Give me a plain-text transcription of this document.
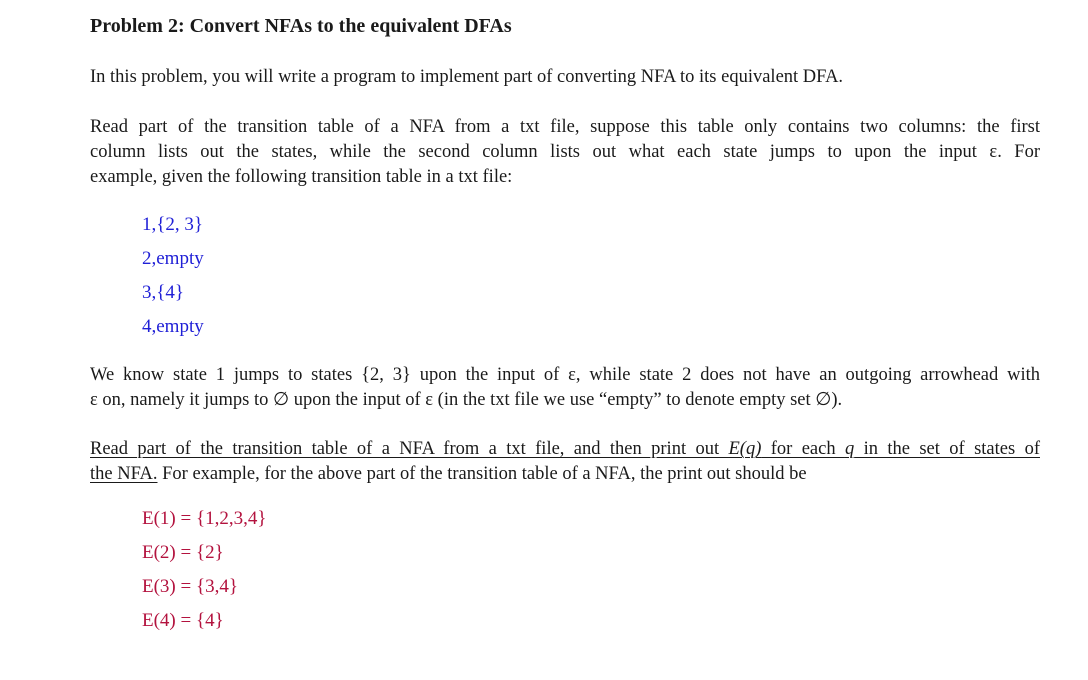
Problem 2: Convert NFAs to the equivalent DFAs
In this problem, you will write a program to implement part of converting NFA to its equivalent DFA.
Read part of the transition table of a NFA from a txt file, suppose this table only contains two columns: the first
column lists out the states, while the second column lists out what each state jumps to upon the input ε. For
example, given the following transition table in a txt file:
1,{2, 3}
2,empty
3,{4}
4,empty
We know state 1 jumps to states {2, 3} upon the input of ε, while state 2 does not have an outgoing arrowhead with
ε on, namely it jumps to ∅ upon the input of ε (in the txt file we use “empty” to denote empty set ∅).
Read part of the transition table of a NFA from a txt file, and then print out E(q) for each q in the set of states of
the NFA. For example, for the above part of the transition table of a NFA, the print out should be
E(1) = {1,2,3,4}
E(2) = {2}
E(3) = {3,4}
E(4) = {4}
